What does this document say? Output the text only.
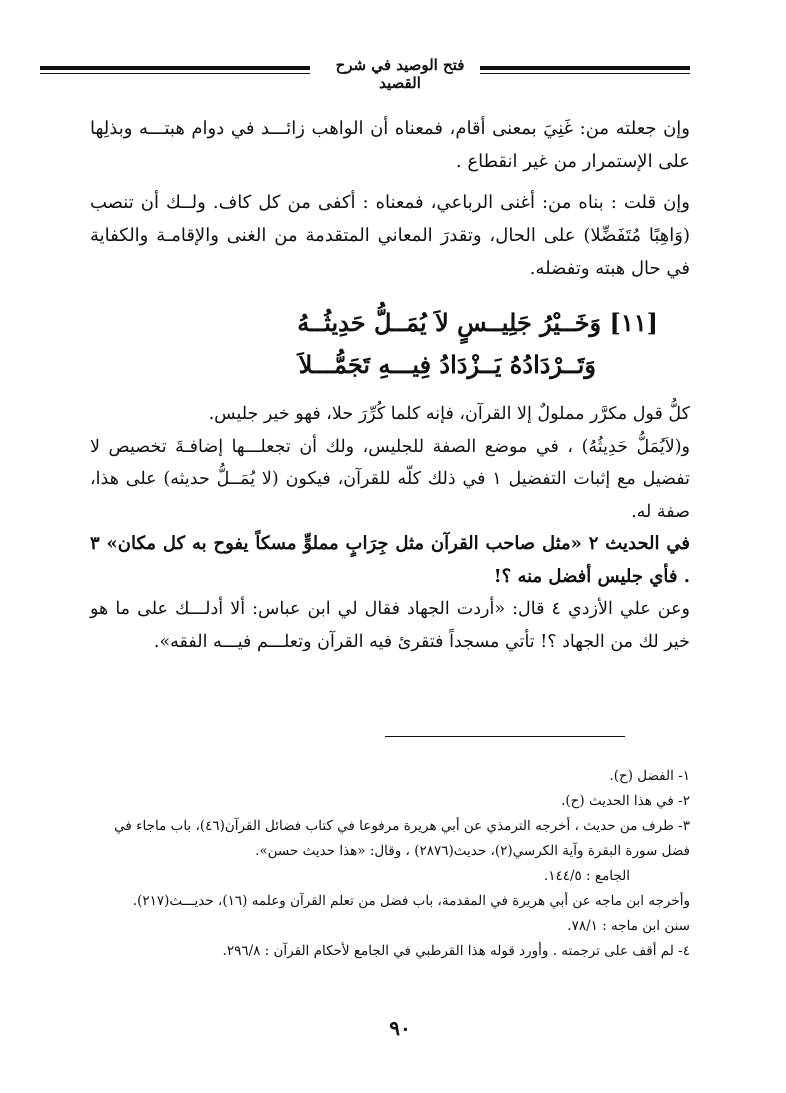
فتح الوصيد في شرح القصيد

وإن جعلته من: غَنِيَ بمعنى أقام، فمعناه أن الواهب زائـــد في دوام هبتـــه وبذلِها على الإستمرار من غير انقطاع .

وإن قلت : بناه من: أغنى الرباعي، فمعناه : أكفى من كل كاف. ولــك أن تنصب (وَاهِبًا مُتَفَضِّلا) على الحال، وتقدرَ المعاني المتقدمة من الغنى والإقامـة والكفاية في حال هبته وتفضله.

[١١] وَخَــيْرُ جَلِيــسٍ لاَ يُمَــلُّ حَدِيثُــهُ
وَتَــرْدَادُهُ يَــزْدَادُ فِيـــهِ تَجَمُّـــلاَ

كلُّ قول مكرَّر مملولٌ إلا القرآن، فإنه كلما كُرِّرَ حلا، فهو خير جليس.

و(لاَيُمَلُّ حَدِيثُهُ) ، في موضع الصفة للجليس، ولك أن تجعلـــها إضافـةَ تخصيص لا تفضيل مع إثبات التفضيل ١ في ذلك كلّه للقرآن، فيكون (لا يُمَــلُّ حديثه) على هذا، صفة له.

في الحديث ٢ «مثل صاحب القرآن مثل جِرَابٍ مملوٍّ مسكاً يفوح به كل مكان» ٣ . فأي جليس أفضل منه ؟!

وعن علي الأزدي ٤ قال: «أردت الجهاد فقال لي ابن عباس: ألا أدلـــك على ما هو خير لك من الجهاد ؟! تأتي مسجداً فتقرئ فيه القرآن وتعلـــم فيـــه الفقه».

١- الفضل (ح).

٢- في هذا الحديث (ح).

٣- طرف من حديث ، أخرجه الترمذي عن أبي هريرة مرفوعا في كتاب فضائل القرآن(٤٦)، باب ماجاء في فضل سورة البقرة وآية الكرسي(٢)، حديث(٢٨٧٦) ، وقال: «هذا حديث حسن».

الجامع : ١٤٤/٥.

وأخرجه ابن ماجه عن أبي هريرة في المقدمة، باب فضل من تعلم القرآن وعلمه (١٦)، حديـــث(٢١٧).

سنن ابن ماجه : ٧٨/١.

٤- لم أقف على ترجمته . وأورد قوله هذا القرطبي في الجامع لأحكام القرآن : ٢٩٦/٨.

٩٠
